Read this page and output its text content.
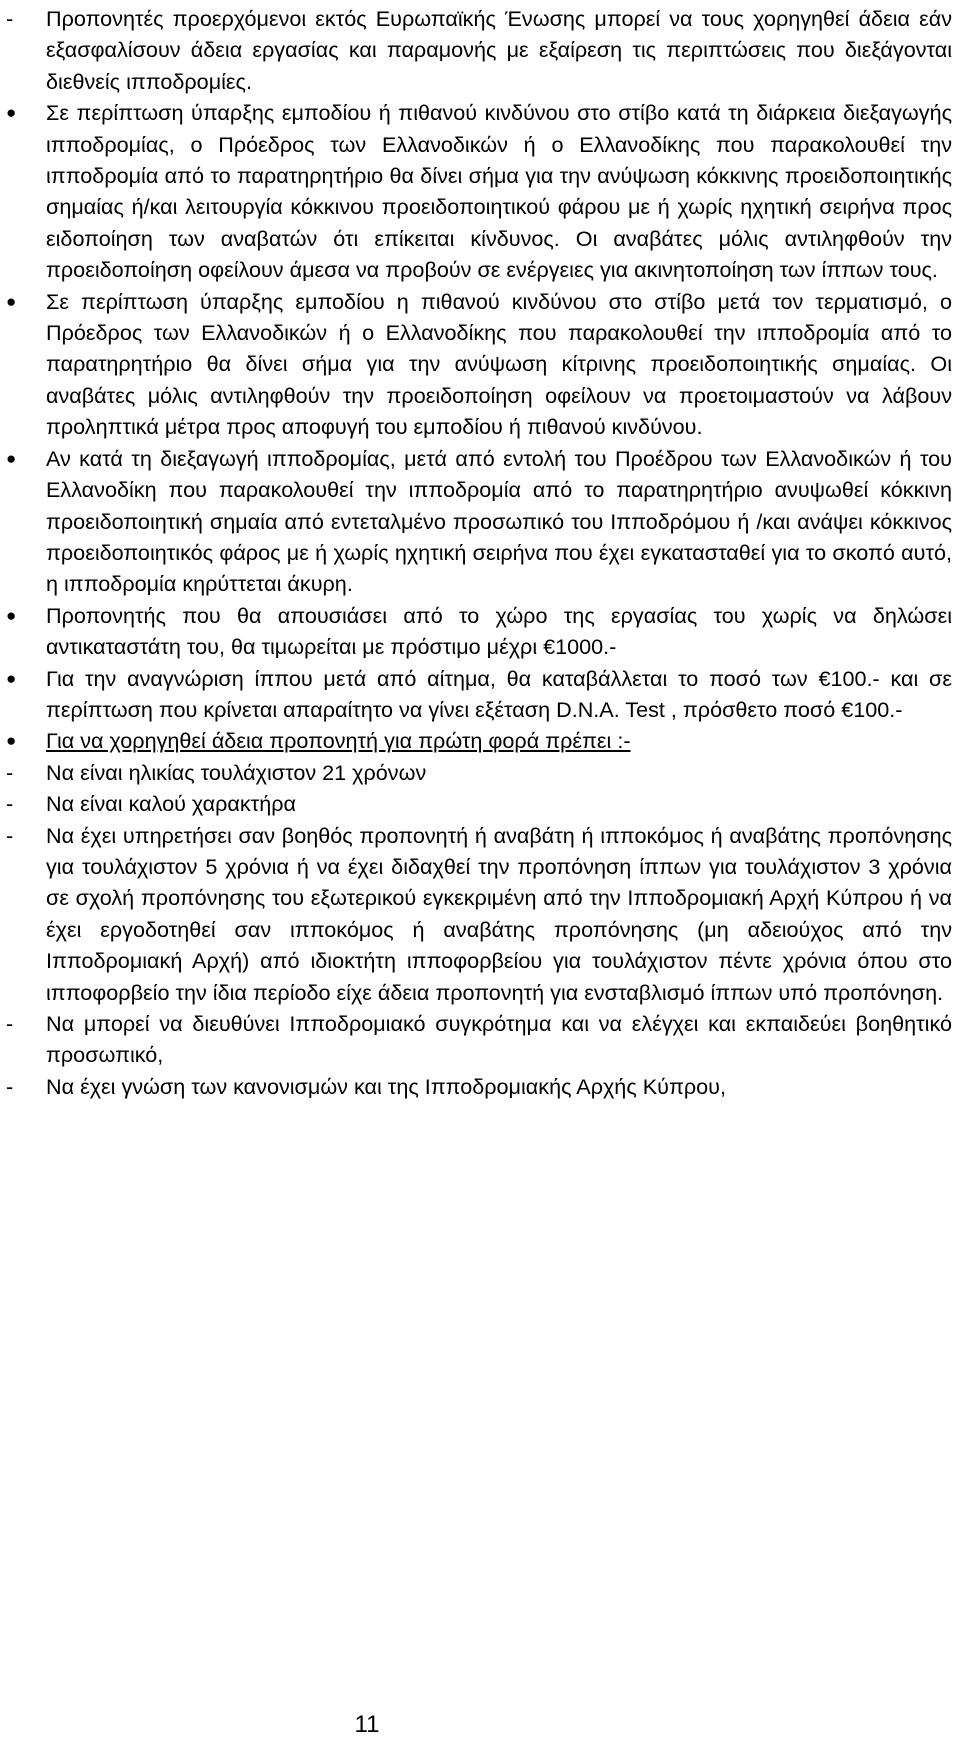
-	Προπονητές προερχόμενοι εκτός Ευρωπαϊκής Ένωσης μπορεί να τους χορηγηθεί άδεια εάν εξασφαλίσουν άδεια εργασίας και παραμονής με εξαίρεση τις περιπτώσεις που διεξάγονται διεθνείς ιπποδρομίες.

●	Σε περίπτωση ύπαρξης εμποδίου ή πιθανού κινδύνου στο στίβο κατά τη διάρκεια διεξαγωγής ιπποδρομίας, ο Πρόεδρος των Ελλανοδικών ή ο Ελλανοδίκης που παρακολουθεί την ιπποδρομία από το παρατηρητήριο θα δίνει σήμα για την ανύψωση κόκκινης προειδοποιητικής σημαίας ή/και λειτουργία κόκκινου προειδοποιητικού φάρου με ή χωρίς ηχητική σειρήνα προς ειδοποίηση των αναβατών ότι επίκειται κίνδυνος. Οι αναβάτες μόλις αντιληφθούν την προειδοποίηση οφείλουν άμεσα να προβούν σε ενέργειες για ακινητοποίηση των ίππων τους.

●	Σε περίπτωση ύπαρξης εμποδίου η πιθανού κινδύνου στο στίβο μετά τον τερματισμό, ο Πρόεδρος των Ελλανοδικών ή ο Ελλανοδίκης που παρακολουθεί την ιπποδρομία από το παρατηρητήριο θα δίνει σήμα για την ανύψωση κίτρινης προειδοποιητικής σημαίας. Οι αναβάτες μόλις αντιληφθούν την προειδοποίηση οφείλουν να προετοιμαστούν να λάβουν προληπτικά μέτρα προς αποφυγή του εμποδίου ή πιθανού κινδύνου.

●	Αν κατά τη διεξαγωγή ιπποδρομίας, μετά από εντολή του Προέδρου των Ελλανοδικών ή του Ελλανοδίκη που παρακολουθεί την ιπποδρομία από το παρατηρητήριο ανυψωθεί κόκκινη προειδοποιητική σημαία από εντεταλμένο προσωπικό του Ιπποδρόμου ή /και ανάψει κόκκινος προειδοποιητικός φάρος με ή χωρίς ηχητική σειρήνα που έχει εγκατασταθεί για το σκοπό αυτό, η ιπποδρομία κηρύττεται άκυρη.

●	Προπονητής που θα απουσιάσει από το χώρο της εργασίας του χωρίς να δηλώσει αντικαταστάτη του, θα τιμωρείται με πρόστιμο μέχρι €1000.-

●	Για την αναγνώριση ίππου μετά από αίτημα, θα καταβάλλεται το ποσό των €100.- και σε περίπτωση που κρίνεται απαραίτητο να γίνει εξέταση D.N.A. Test , πρόσθετο ποσό €100.-

●	Για να χορηγηθεί άδεια προπονητή για πρώτη φορά πρέπει :-

-	Να είναι ηλικίας τουλάχιστον 21 χρόνων

-	Να είναι καλού χαρακτήρα

-	Να έχει υπηρετήσει σαν βοηθός προπονητή ή αναβάτη ή ιπποκόμος ή αναβάτης προπόνησης για τουλάχιστον 5 χρόνια ή να έχει διδαχθεί την προπόνηση ίππων για τουλάχιστον 3 χρόνια σε σχολή προπόνησης του εξωτερικού εγκεκριμένη από την Ιπποδρομιακή Αρχή Κύπρου ή να έχει εργοδοτηθεί σαν ιπποκόμος ή αναβάτης προπόνησης (μη αδειούχος από την Ιπποδρομιακή Αρχή) από ιδιοκτήτη ιπποφορβείου για τουλάχιστον πέντε χρόνια όπου στο ιπποφορβείο την ίδια περίοδο είχε άδεια προπονητή για ενσταβλισμό ίππων υπό προπόνηση.

-	Να μπορεί να διευθύνει Ιπποδρομιακό συγκρότημα και να ελέγχει και εκπαιδεύει βοηθητικό προσωπικό,

-	Να έχει γνώση των κανονισμών και της Ιπποδρομιακής Αρχής Κύπρου,

11
